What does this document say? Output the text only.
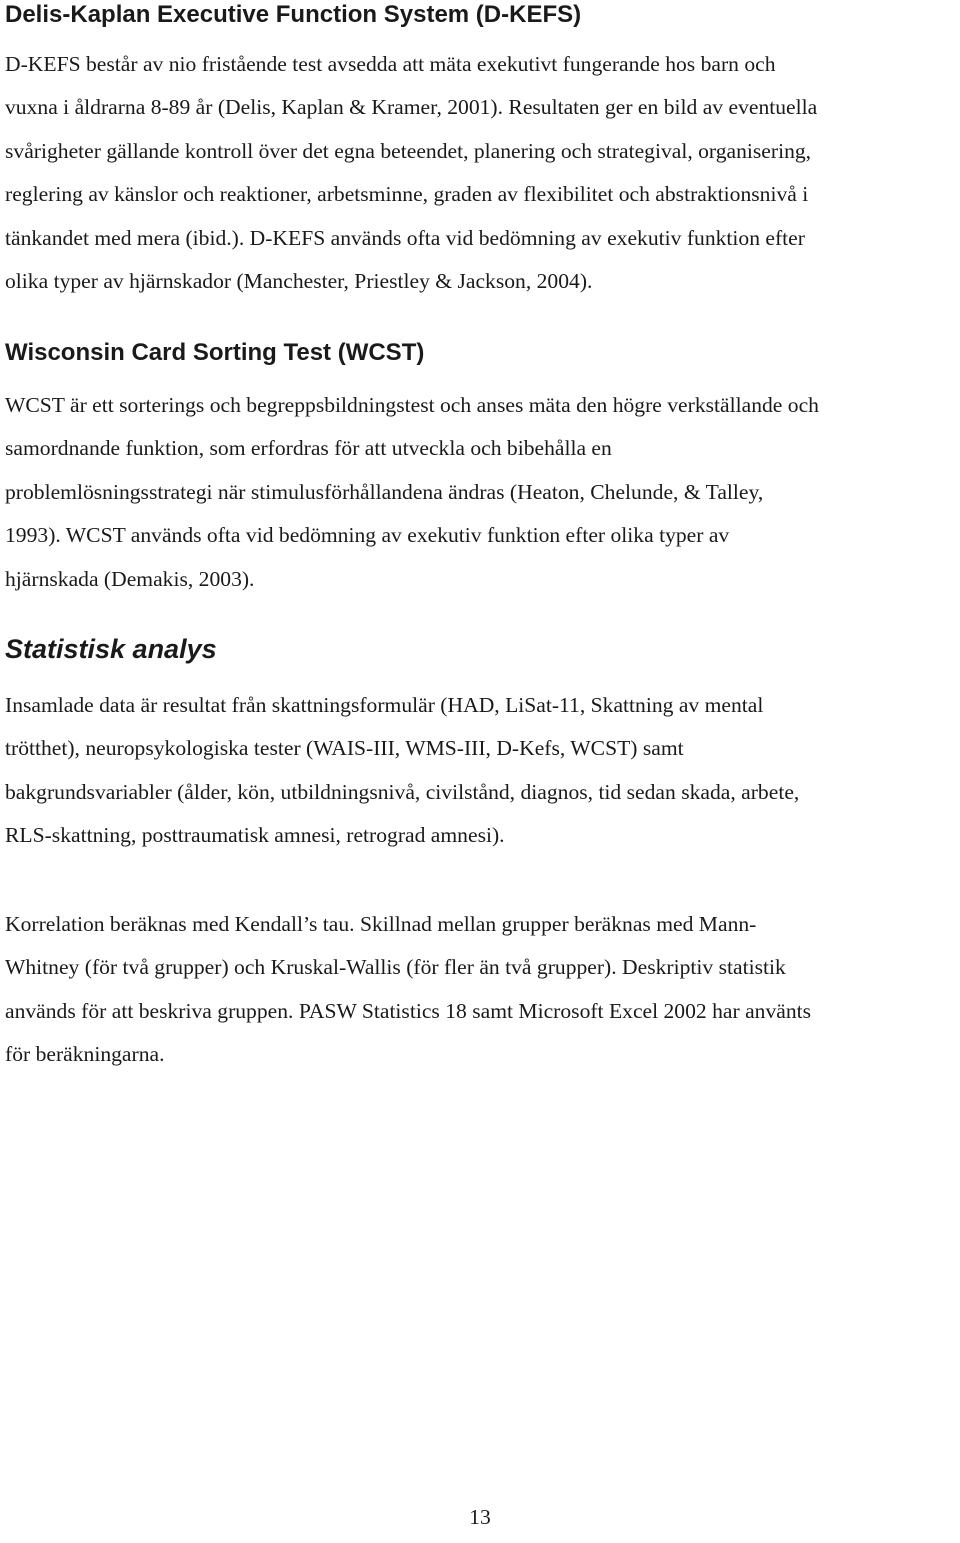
Delis-Kaplan Executive Function System (D-KEFS)

D-KEFS består av nio fristående test avsedda att mäta exekutivt fungerande hos barn och
vuxna i åldrarna 8-89 år (Delis, Kaplan & Kramer, 2001). Resultaten ger en bild av eventuella
svårigheter gällande kontroll över det egna beteendet, planering och strategival, organisering,
reglering av känslor och reaktioner, arbetsminne, graden av flexibilitet och abstraktionsnivå i
tänkandet med mera (ibid.). D-KEFS används ofta vid bedömning av exekutiv funktion efter
olika typer av hjärnskador (Manchester, Priestley & Jackson, 2004).

Wisconsin Card Sorting Test (WCST)

WCST är ett sorterings och begreppsbildningstest och anses mäta den högre verkställande och
samordnande funktion, som erfordras för att utveckla och bibehålla en
problemlösningsstrategi när stimulusförhållandena ändras (Heaton, Chelunde, & Talley,
1993). WCST används ofta vid bedömning av exekutiv funktion efter olika typer av
hjärnskada (Demakis, 2003).

Statistisk analys

Insamlade data är resultat från skattningsformulär (HAD, LiSat-11, Skattning av mental
trötthet), neuropsykologiska tester (WAIS-III, WMS-III, D-Kefs, WCST) samt
bakgrundsvariabler (ålder, kön, utbildningsnivå, civilstånd, diagnos, tid sedan skada, arbete,
RLS-skattning, posttraumatisk amnesi, retrograd amnesi).

Korrelation beräknas med Kendall’s tau. Skillnad mellan grupper beräknas med Mann-
Whitney (för två grupper) och Kruskal-Wallis (för fler än två grupper). Deskriptiv statistik
används för att beskriva gruppen. PASW Statistics 18 samt Microsoft Excel 2002 har använts
för beräkningarna.

13
